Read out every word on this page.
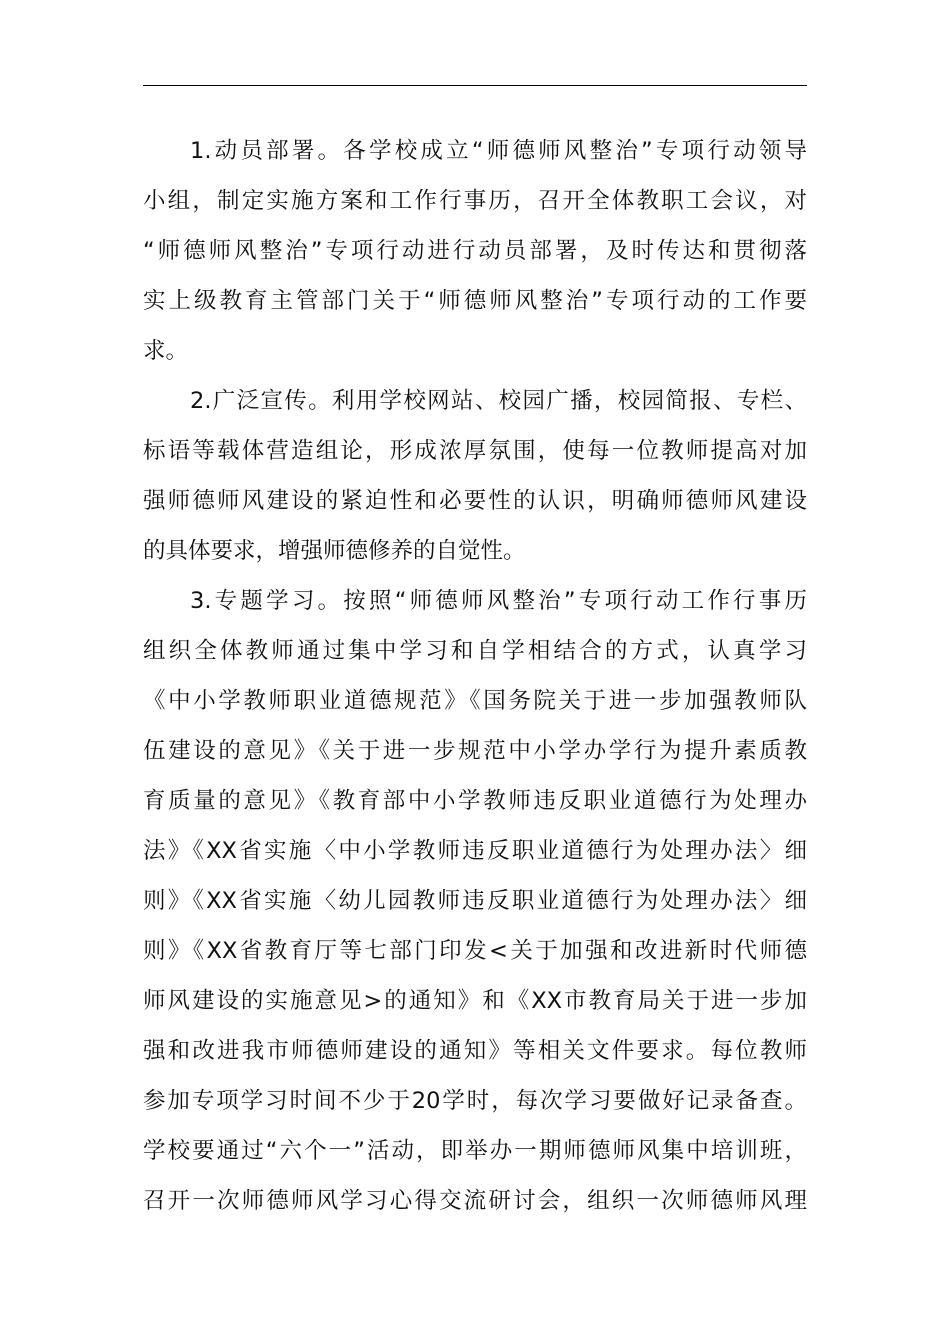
1.动员部署。各学校成立“师德师风整治”专项行动领导
小组，制定实施方案和工作行事历，召开全体教职工会议，对
“师德师风整治”专项行动进行动员部署，及时传达和贯彻落
实上级教育主管部门关于“师德师风整治”专项行动的工作要
求。
2.广泛宣传。利用学校网站、校园广播，校园简报、专栏、
标语等载体营造组论，形成浓厚氛围，使每一位教师提高对加
强师德师风建设的紧迫性和必要性的认识，明确师德师风建设
的具体要求，增强师德修养的自觉性。
3.专题学习。按照“师德师风整治”专项行动工作行事历
组织全体教师通过集中学习和自学相结合的方式，认真学习
《中小学教师职业道德规范》《国务院关于进一步加强教师队
伍建设的意见》《关于进一步规范中小学办学行为提升素质教
育质量的意见》《教育部中小学教师违反职业道德行为处理办
法》《XX省实施〈中小学教师违反职业道德行为处理办法〉细
则》《XX省实施〈幼儿园教师违反职业道德行为处理办法〉细
则》《XX省教育厅等七部门印发<关于加强和改进新时代师德
师风建设的实施意见>的通知》和《XX市教育局关于进一步加
强和改进我市师德师建设的通知》等相关文件要求。每位教师
参加专项学习时间不少于20学时，每次学习要做好记录备查。
学校要通过“六个一”活动，即举办一期师德师风集中培训班，
召开一次师德师风学习心得交流研讨会，组织一次师德师风理
